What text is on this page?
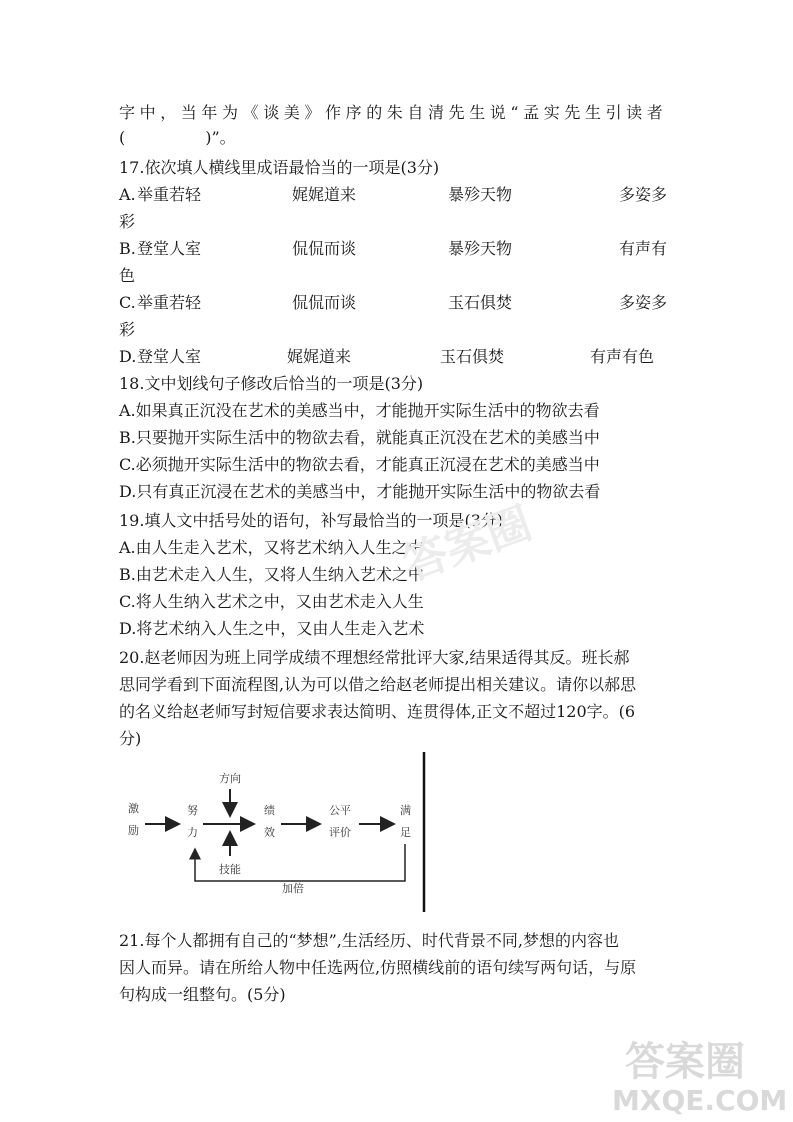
字中，当年为《谈美》作序的朱自清先生说“孟实先生引读者
(　　　　　)”。
17.依次填人横线里成语最恰当的一项是(3分)
A. 举重若轻	娓娓道来	暴殄天物	多姿多
彩
B. 登堂人室	侃侃而谈	暴殄天物	有声有
色
C. 举重若轻	侃侃而谈	玉石俱焚	多姿多
彩
D. 登堂人室	娓娓道来	玉石俱焚	有声有色
18.文中划线句子修改后恰当的一项是(3分)
A.如果真正沉没在艺术的美感当中，才能抛开实际生活中的物欲去看
B.只要抛开实际生活中的物欲去看，就能真正沉没在艺术的美感当中
C.必须抛开实际生活中的物欲去看，才能真正沉浸在艺术的美感当中
D.只有真正沉浸在艺术的美感当中，才能抛开实际生活中的物欲去看
19.填人文中括号处的语句，补写最恰当的一项是(3分)
A.由人生走入艺术，又将艺术纳入人生之中
B.由艺术走入人生，又将人生纳入艺术之中
C.将人生纳入艺术之中，又由艺术走入人生
D.将艺术纳入人生之中，又由人生走入艺术
20.赵老师因为班上同学成绩不理想经常批评大家,结果适得其反。班长郝
思同学看到下面流程图,认为可以借之给赵老师提出相关建议。请你以郝思
的名义给赵老师写封短信要求表达简明、连贯得体,正文不超过120字。(6
分)
激
励
努
力
方向
技能
绩
效
公平
评价
满
足
加倍
21.每个人都拥有自己的“梦想”,生活经历、时代背景不同,梦想的内容也
因人而异。请在所给人物中任选两位,仿照横线前的语句续写两句话，与原
句构成一组整句。(5分)
答案圈
答案圈
MXQE.COM
